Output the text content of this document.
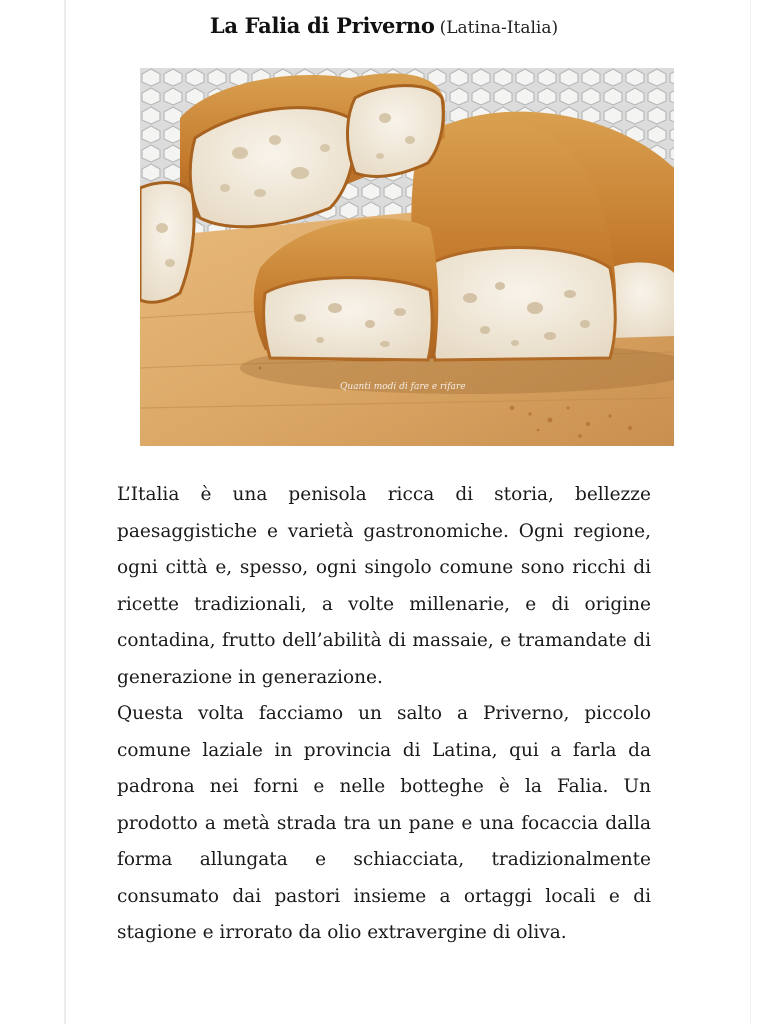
La Falia di Priverno (Latina-Italia)
Quanti modi di fare e rifare

L’Italia è una penisola ricca di storia, bellezze paesaggistiche e varietà gastronomiche. Ogni regione, ogni città e, spesso, ogni singolo comune sono ricchi di ricette tradizionali, a volte millenarie, e di origine contadina, frutto dell’abilità di massaie, e tramandate di generazione in generazione.

Questa volta facciamo un salto a Priverno, piccolo comune laziale in provincia di Latina, qui a farla da padrona nei forni e nelle botteghe è la Falia. Un prodotto a metà strada tra un pane e una focaccia dalla forma allungata e schiacciata, tradizionalmente consumato dai pastori insieme a ortaggi locali e di stagione e irrorato da olio extravergine di oliva.
